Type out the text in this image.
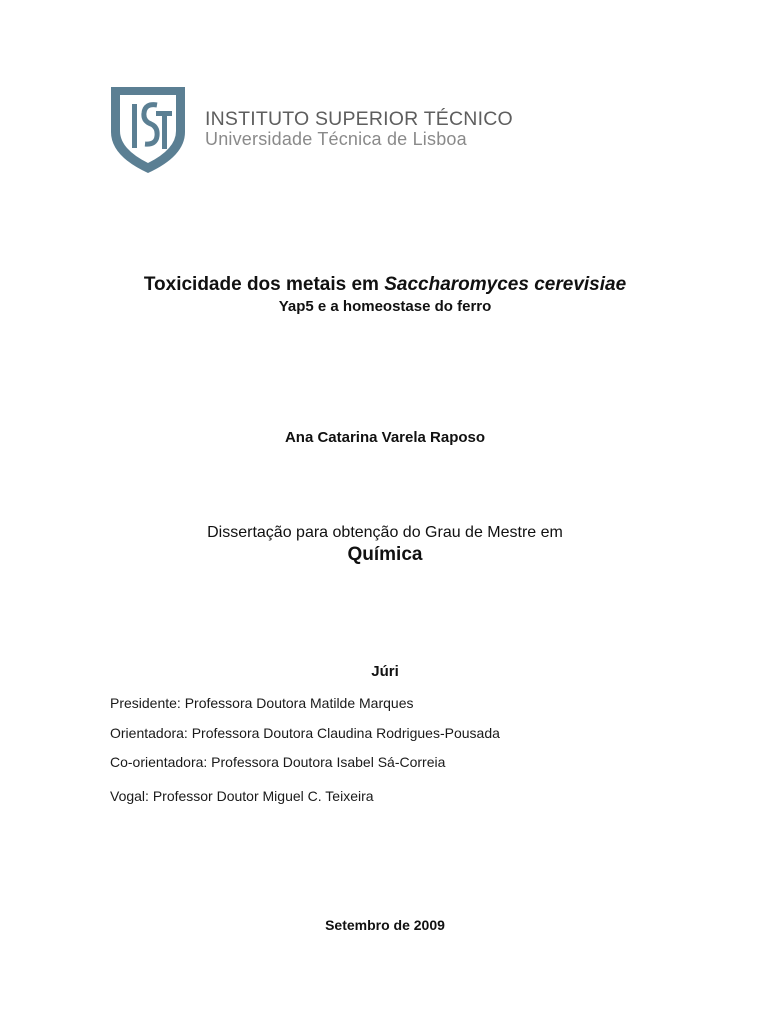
INSTITUTO SUPERIOR TÉCNICO
Universidade Técnica de Lisboa
Toxicidade dos metais em Saccharomyces cerevisiae
Yap5 e a homeostase do ferro
Ana Catarina Varela Raposo
Dissertação para obtenção do Grau de Mestre em
Química
Júri
Presidente: Professora Doutora Matilde Marques
Orientadora: Professora Doutora Claudina Rodrigues-Pousada
Co-orientadora: Professora Doutora Isabel Sá-Correia
Vogal: Professor Doutor Miguel C. Teixeira
Setembro de 2009
